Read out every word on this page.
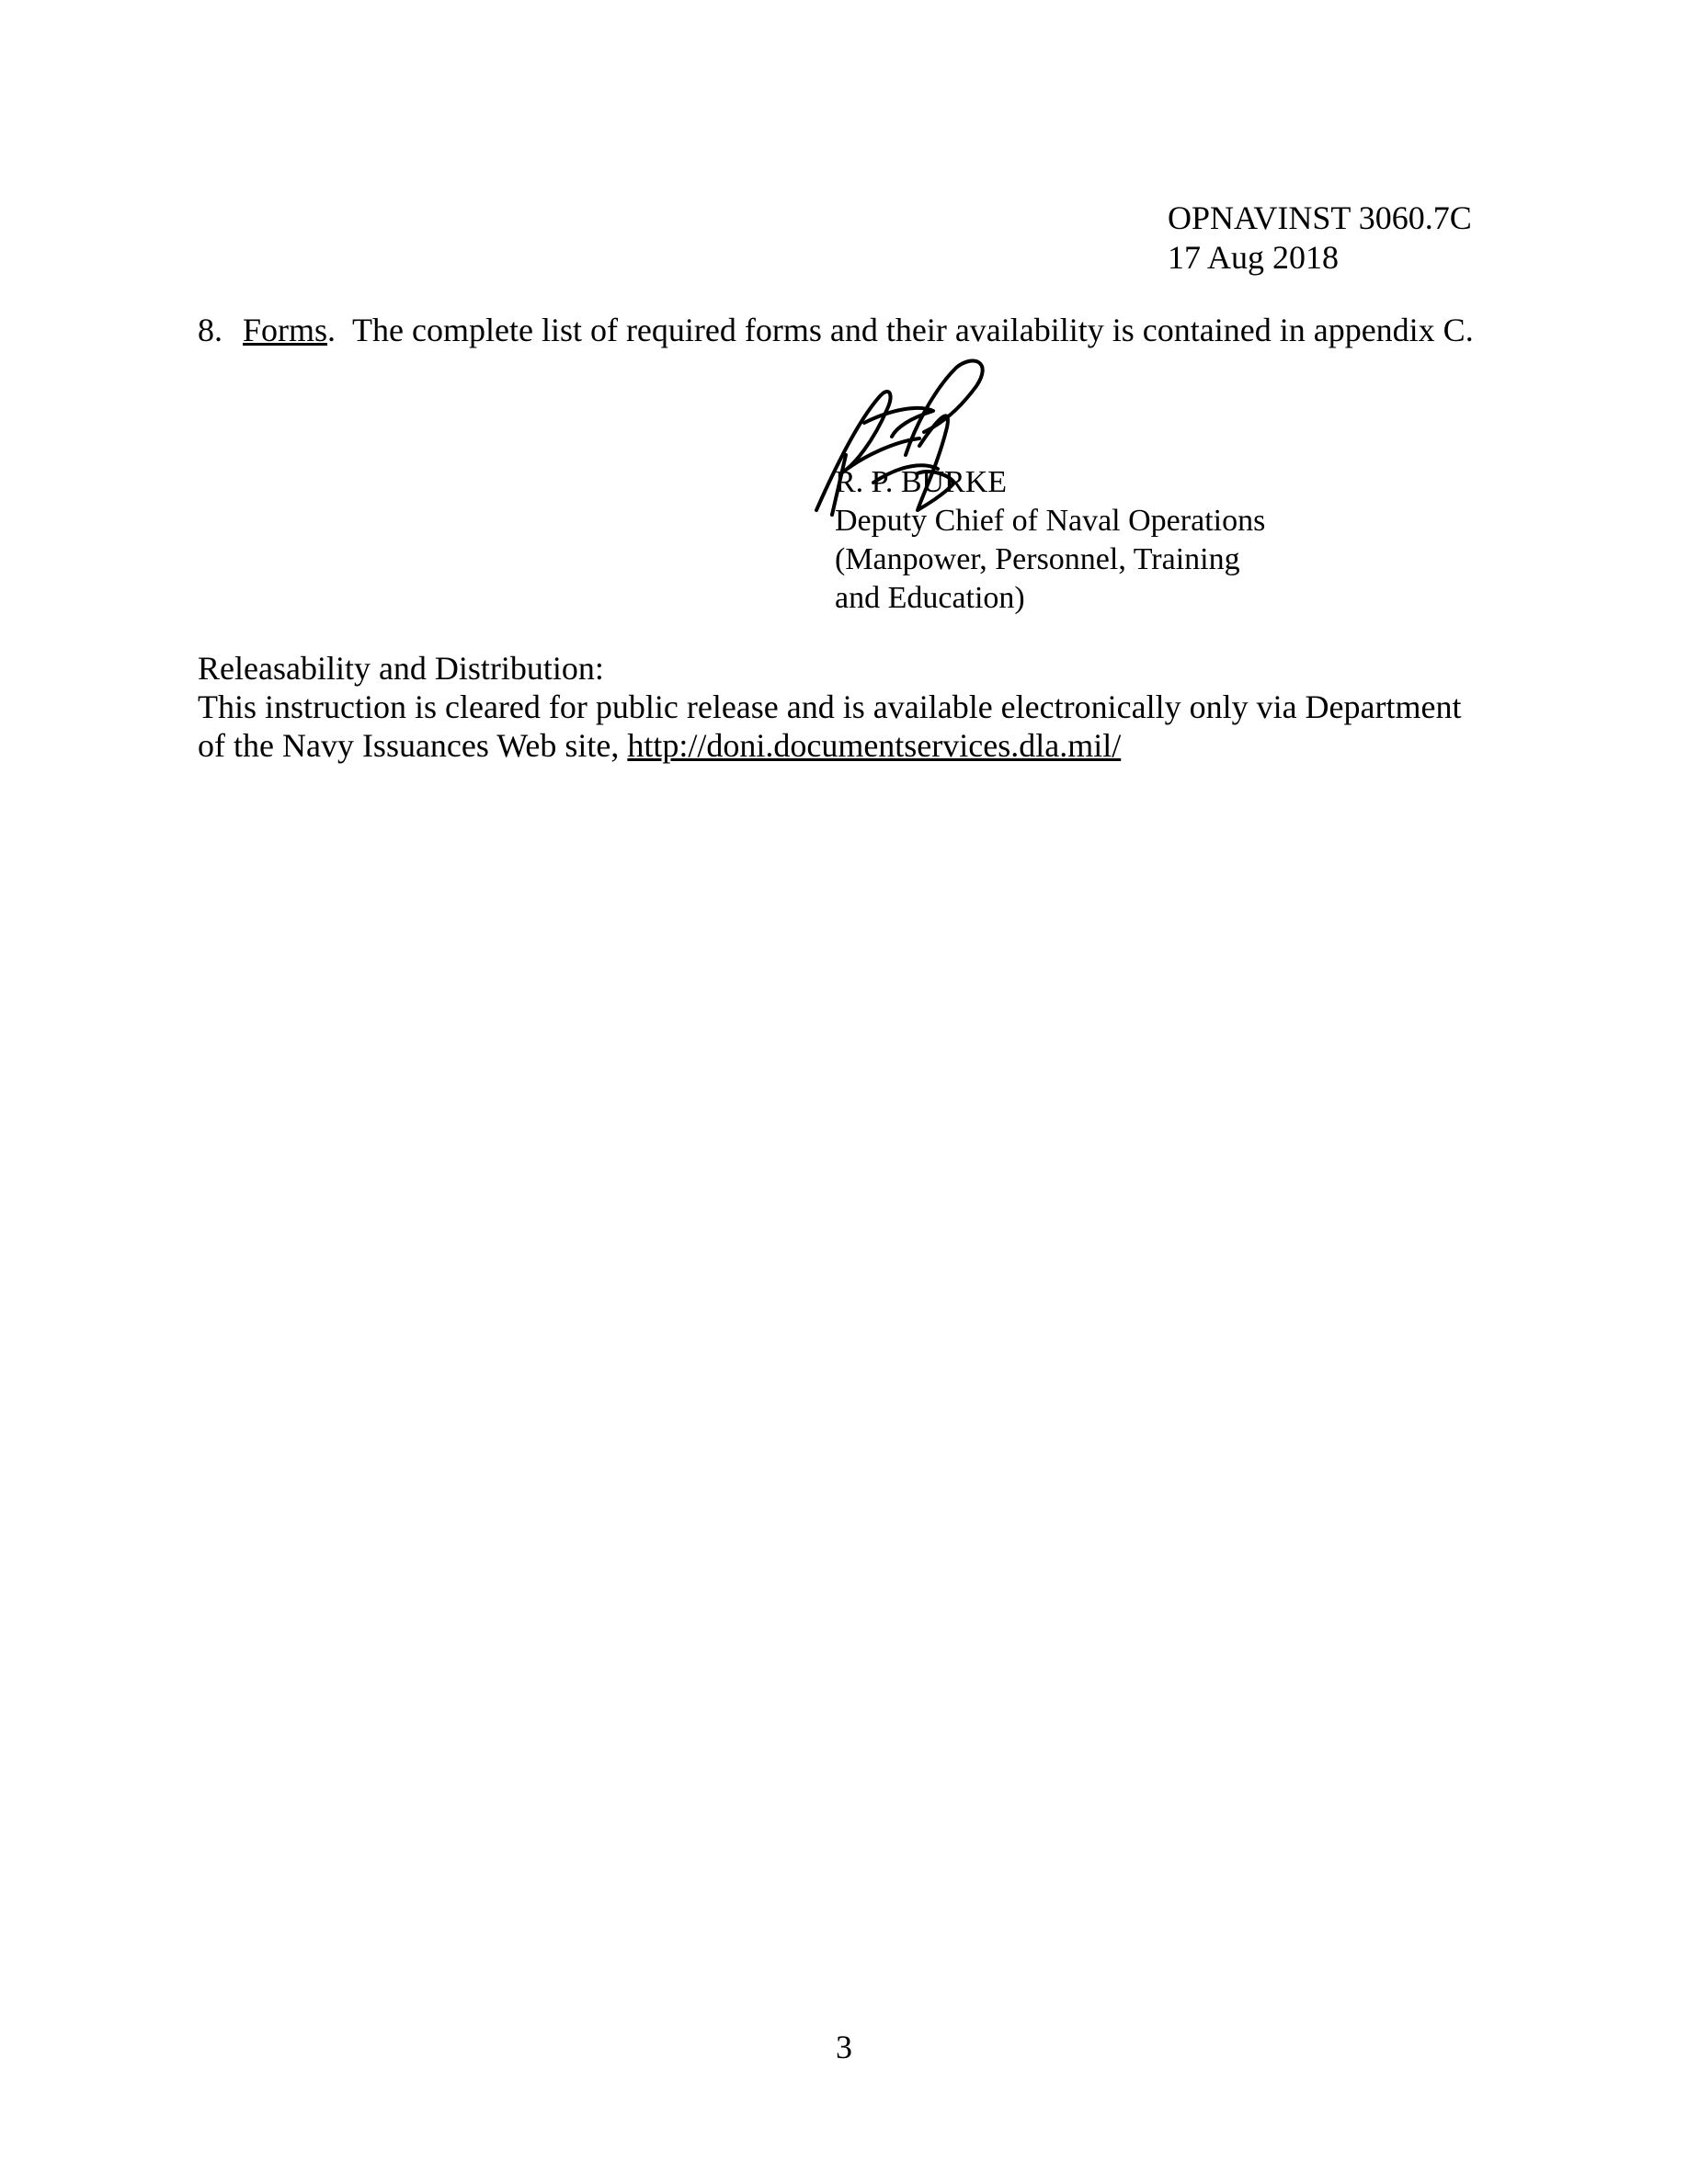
OPNAVINST 3060.7C
17 Aug 2018
8. Forms. The complete list of required forms and their availability is contained in appendix C.
R. P. BURKE
Deputy Chief of Naval Operations
(Manpower, Personnel, Training
and Education)
Releasability and Distribution:
This instruction is cleared for public release and is available electronically only via Department
of the Navy Issuances Web site, http://doni.documentservices.dla.mil/
3
